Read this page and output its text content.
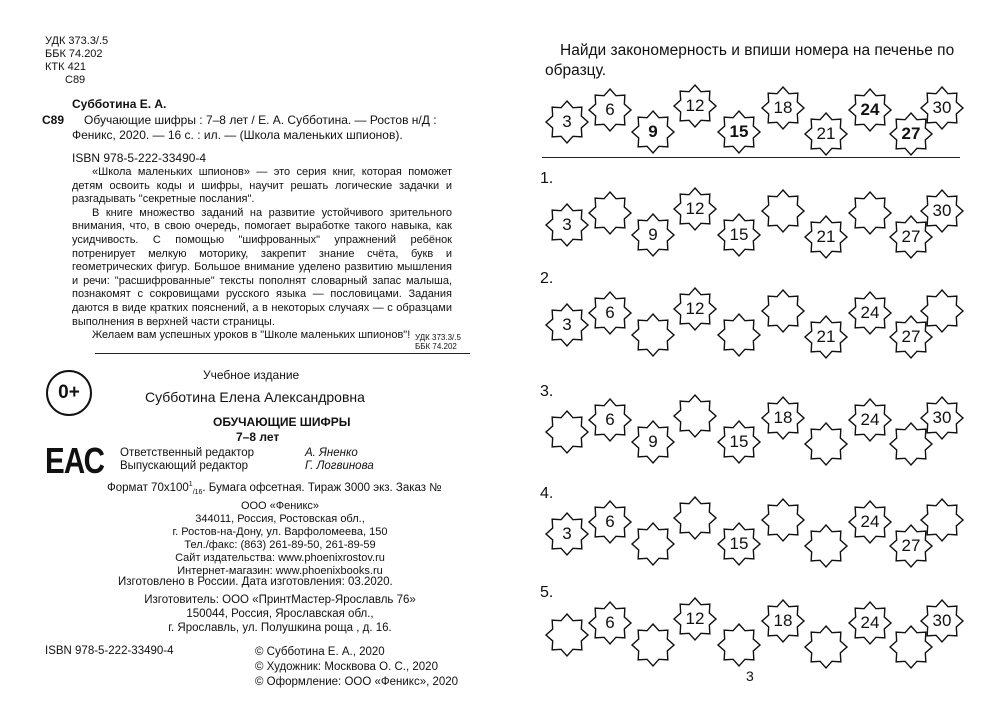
УДК 373.3/.5
ББК 74.202
КТК 421
С89
Субботина Е. А.
С89 Обучающие шифры : 7–8 лет / Е. А. Субботина. — Ростов н/Д :
Феникс, 2020. — 16 с. : ил. — (Школа маленьких шпионов).
ISBN 978-5-222-33490-4

«Школа маленьких шпионов» — это серия книг, которая поможет детям освоить коды и шифры, научит решать логические задачки и разгадывать "секретные послания".

В книге множество заданий на развитие устойчивого зрительного внимания, что, в свою очередь, помогает выработке такого навыка, как усидчивость. С помощью "шифрованных" упражнений ребёнок потренирует мелкую моторику, закрепит знание счёта, букв и геометрических фигур. Большое внимание уделено развитию мышления и речи: "расшифрованные" тексты пополнят словарный запас малыша, познакомят с сокровищами русского языка — пословицами. Задания даются в виде кратких пояснений, а в некоторых случаях — с образцами выполнения в верхней части страницы.

Желаем вам успешных уроков в "Школе маленьких шпионов"! УДК 373.3/.5
ББК 74.202
0+
ЕАС
Учебное издание
Субботина Елена Александровна
ОБУЧАЮЩИЕ ШИФРЫ
7–8 лет
Ответственный редактор	А. Яненко
Выпускающий редактор	Г. Логвинова
Формат $70х100^1_{/16}$. Бумага офсетная. Тираж 3000 экз. Заказ №
ООО «Феникс»
344011, Россия, Ростовская обл.,
г. Ростов-на-Дону, ул. Варфоломеева, 150
Тел./факс: (863) 261-89-50, 261-89-59
Сайт издательства: www.phoenixrostov.ru
Интернет-магазин: www.phoenixbooks.ru
Изготовлено в России. Дата изготовления: 03.2020.
Изготовитель: ООО «ПринтМастер-Ярославль 76»
150044, Россия, Ярославская обл.,
г. Ярославль, ул. Полушкина роща , д. 16.
ISBN 978-5-222-33490-4	© Субботина Е. А., 2020
© Художник: Москвова О. С., 2020
© Оформление: ООО «Феникс», 2020
Найди закономерность и впиши номера на печенье по
образцу.
1.
2.
3.
4.
5.
3
6
9
12
15
18
21
24
27
30
3
9
12
15	21	27
30
3
6	12
21
24
27
6
9	15
18	24	30
3
6
15
24
27
6	12	18	24	30
3
